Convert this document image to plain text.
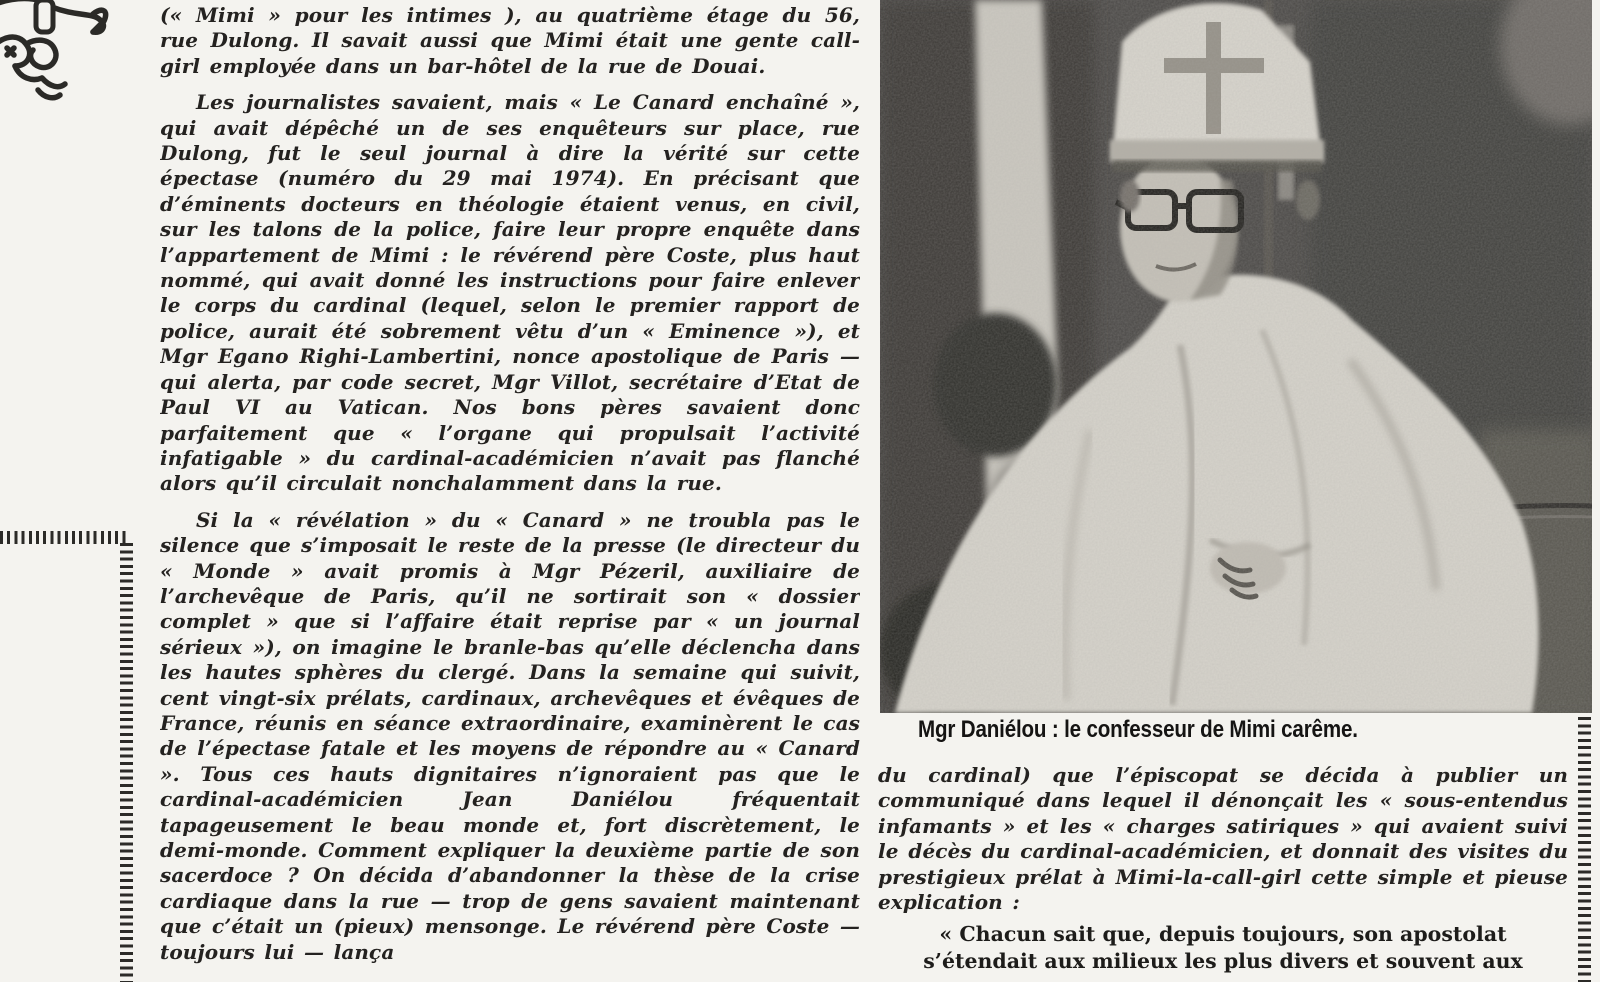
(« Mimi » pour les intimes ), au quatrième étage du 56, rue Dulong. Il savait aussi que Mimi était une gente call-girl employée dans un bar-hôtel de la rue de Douai.

Les journalistes savaient, mais « Le Canard enchaîné », qui avait dépêché un de ses enquêteurs sur place, rue Dulong, fut le seul journal à dire la vérité sur cette épectase (numéro du 29 mai 1974). En précisant que d’éminents docteurs en théologie étaient venus, en civil, sur les talons de la police, faire leur propre enquête dans l’appartement de Mimi : le révérend père Coste, plus haut nommé, qui avait donné les instructions pour faire enlever le corps du cardinal (lequel, selon le premier rapport de police, aurait été sobrement vêtu d’un « Eminence »), et Mgr Egano Righi-Lambertini, nonce apostolique de Paris — qui alerta, par code secret, Mgr Villot, secrétaire d’Etat de Paul VI au Vatican. Nos bons pères savaient donc parfaitement que « l’organe qui propulsait l’activité infatigable » du cardinal-académicien n’avait pas flanché alors qu’il circulait nonchalamment dans la rue.

Si la « révélation » du « Canard » ne troubla pas le silence que s’imposait le reste de la presse (le directeur du « Monde » avait promis à Mgr Pézeril, auxiliaire de l’archevêque de Paris, qu’il ne sortirait son « dossier complet » que si l’affaire était reprise par « un journal sérieux »), on imagine le branle-bas qu’elle déclencha dans les hautes sphères du clergé. Dans la semaine qui suivit, cent vingt-six prélats, cardinaux, archevêques et évêques de France, réunis en séance extraordinaire, examinèrent le cas de l’épectase fatale et les moyens de répondre au « Canard ». Tous ces hauts dignitaires n’ignoraient pas que le cardinal-académicien Jean Daniélou fréquentait tapageusement le beau monde et, fort discrètement, le demi-monde. Comment expliquer la deuxième partie de son sacerdoce ? On décida d’abandonner la thèse de la crise cardiaque dans la rue — trop de gens savaient maintenant que c’était un (pieux) mensonge. Le révérend père Coste — toujours lui — lança

Mgr Daniélou : le confesseur de Mimi carême.

du cardinal) que l’épiscopat se décida à publier un communiqué dans lequel il dénonçait les « sous-entendus infamants » et les « charges satiriques » qui avaient suivi le décès du cardinal-académicien, et donnait des visites du prestigieux prélat à Mimi-la-call-girl cette simple et pieuse explication :

« Chacun sait que, depuis toujours, son apostolat

s’étendait aux milieux les plus divers et souvent aux
